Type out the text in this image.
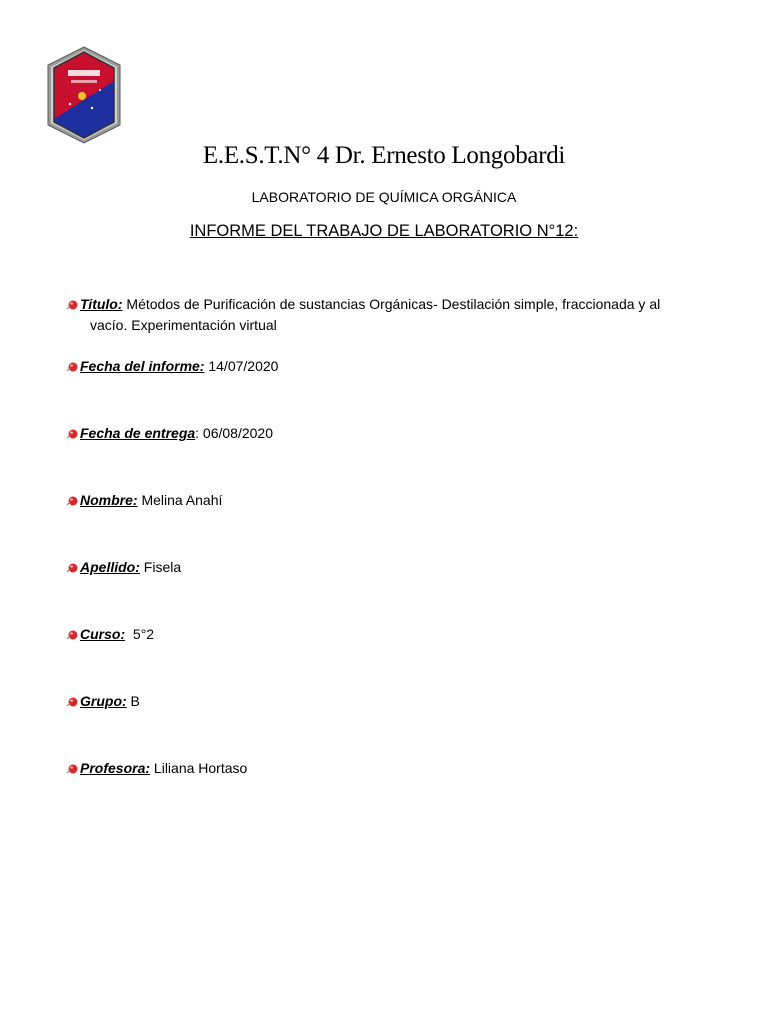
E.E.S.T.N° 4 Dr. Ernesto Longobardi
LABORATORIO DE QUÍMICA ORGÁNICA
INFORME DEL TRABAJO DE LABORATORIO N°12:
Titulo: Métodos de Purificación de sustancias Orgánicas- Destilación simple, fraccionada y al
vacío. Experimentación virtual
Fecha del informe: 14/07/2020
Fecha de entrega: 06/08/2020
Nombre: Melina Anahí
Apellido: Fisela
Curso:  5°2
Grupo: B
Profesora: Liliana Hortaso
